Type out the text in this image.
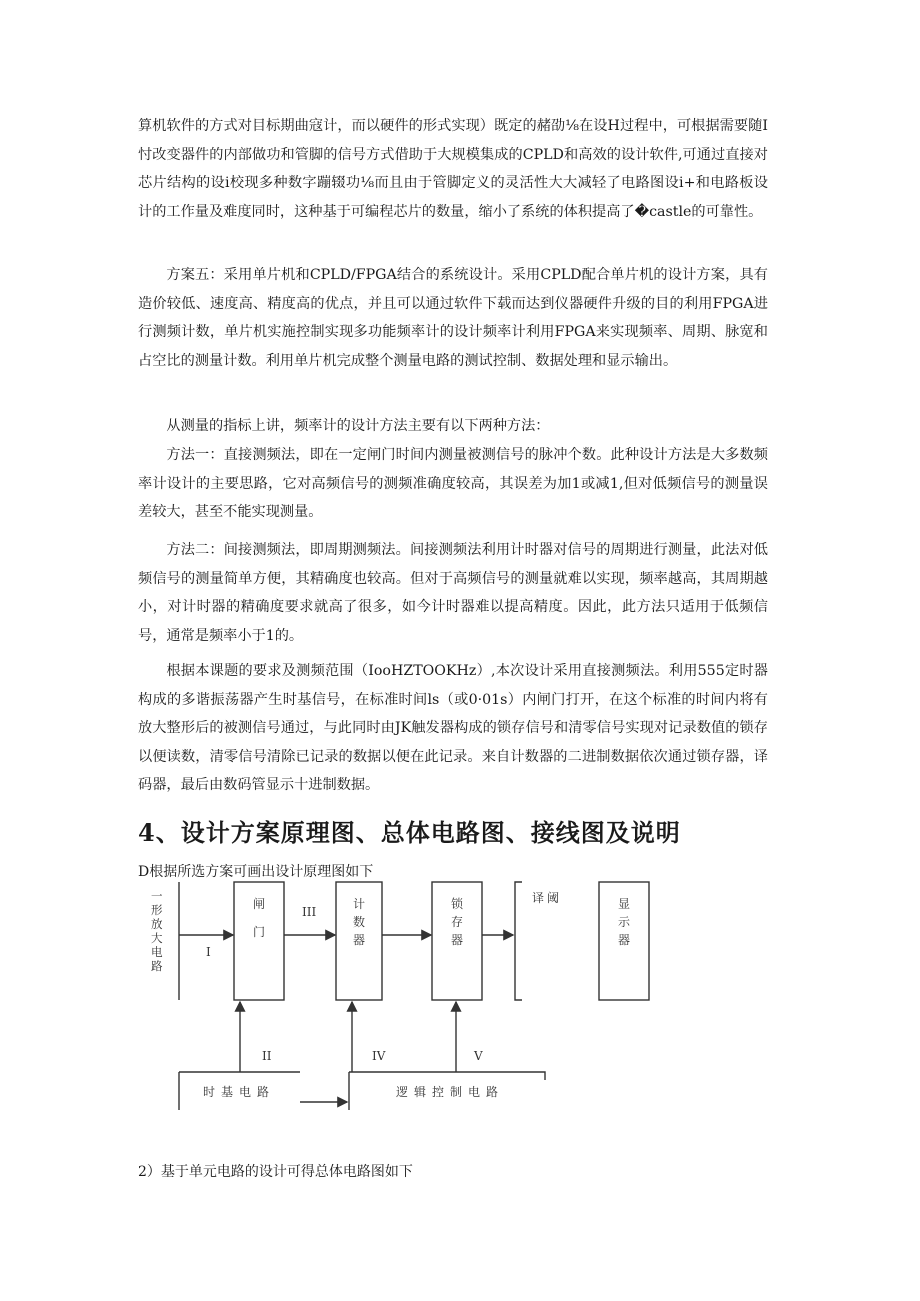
算机软件的方式对目标期曲寇计，而以硬件的形式实现）既定的赭劭⅛在设H过程中，可根据需要随I忖改变器件的内部做功和管脚的信号方式借助于大规模集成的CPLD和高效的设计软件,可通过直接对芯片结构的设i校现多种数字蹦辍功⅛而且由于管脚定义的灵活性大大减轻了电路图设i+和电路板设计的工作量及难度同时，这种基于可编程芯片的数量，缩小了系统的体积提高了�castle的可靠性。

方案五：采用单片机和CPLD/FPGA结合的系统设计。采用CPLD配合单片机的设计方案，具有造价较低、速度高、精度高的优点，并且可以通过软件下载而达到仪器硬件升级的目的利用FPGA进行测频计数，单片机实施控制实现多功能频率计的设计频率计利用FPGA来实现频率、周期、脉宽和占空比的测量计数。利用单片机完成整个测量电路的测试控制、数据处理和显示输出。

从测量的指标上讲，频率计的设计方法主要有以下两种方法：

方法一：直接测频法，即在一定闸门时间内测量被测信号的脉冲个数。此种设计方法是大多数频率计设计的主要思路，它对高频信号的测频准确度较高，其误差为加1或减1,但对低频信号的测量误差较大，甚至不能实现测量。

方法二：间接测频法，即周期测频法。间接测频法利用计时器对信号的周期进行测量，此法对低频信号的测量简单方便，其精确度也较高。但对于高频信号的测量就难以实现，频率越高，其周期越小，对计时器的精确度要求就高了很多，如今计时器难以提高精度。因此，此方法只适用于低频信号，通常是频率小于1的。

根据本课题的要求及测频范围（IooHZTOOKHz）,本次设计采用直接测频法。利用555定时器构成的多谐振荡器产生时基信号，在标准时间ls（或0·01s）内闸门打开，在这个标准的时间内将有放大整形后的被测信号通过，与此同时由JK触发器构成的锁存信号和清零信号实现对记录数值的锁存以便读数，清零信号清除已记录的数据以便在此记录。来自计数器的二进制数据依次通过锁存器，译码器，最后由数码管显示十进制数据。

4、设计方案原理图、总体电路图、接线图及说明

D根据所选方案可画出设计原理图如下

一 形 放 大 电 路
闸 门
计 数 器
锁 存 器
译 阈	显 示 器
I
III
II	IV	V
时基电路	逻辑控制电路

2）基于单元电路的设计可得总体电路图如下
